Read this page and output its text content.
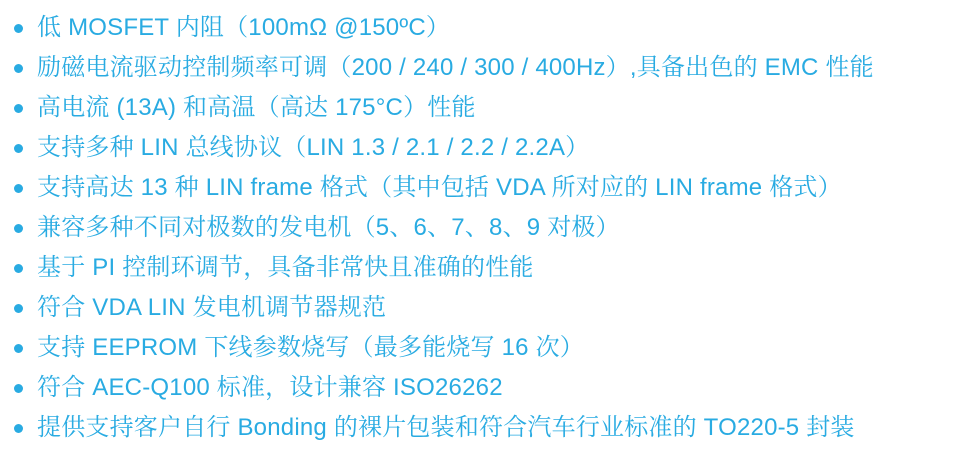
低 MOSFET 内阻（100mΩ @150ºC）
励磁电流驱动控制频率可调（200 / 240 / 300 / 400Hz）,具备出色的 EMC 性能
高电流 (13A) 和高温（高达 175°C）性能
支持多种 LIN 总线协议（LIN 1.3 / 2.1 / 2.2 / 2.2A）
支持高达 13 种 LIN frame 格式（其中包括 VDA 所对应的 LIN frame 格式）
兼容多种不同对极数的发电机（5、6、7、8、9 对极）
基于 PI 控制环调节，具备非常快且准确的性能
符合 VDA LIN 发电机调节器规范
支持 EEPROM 下线参数烧写（最多能烧写 16 次）
符合 AEC-Q100 标准，设计兼容 ISO26262
提供支持客户自行 Bonding 的裸片包装和符合汽车行业标准的 TO220-5 封装
